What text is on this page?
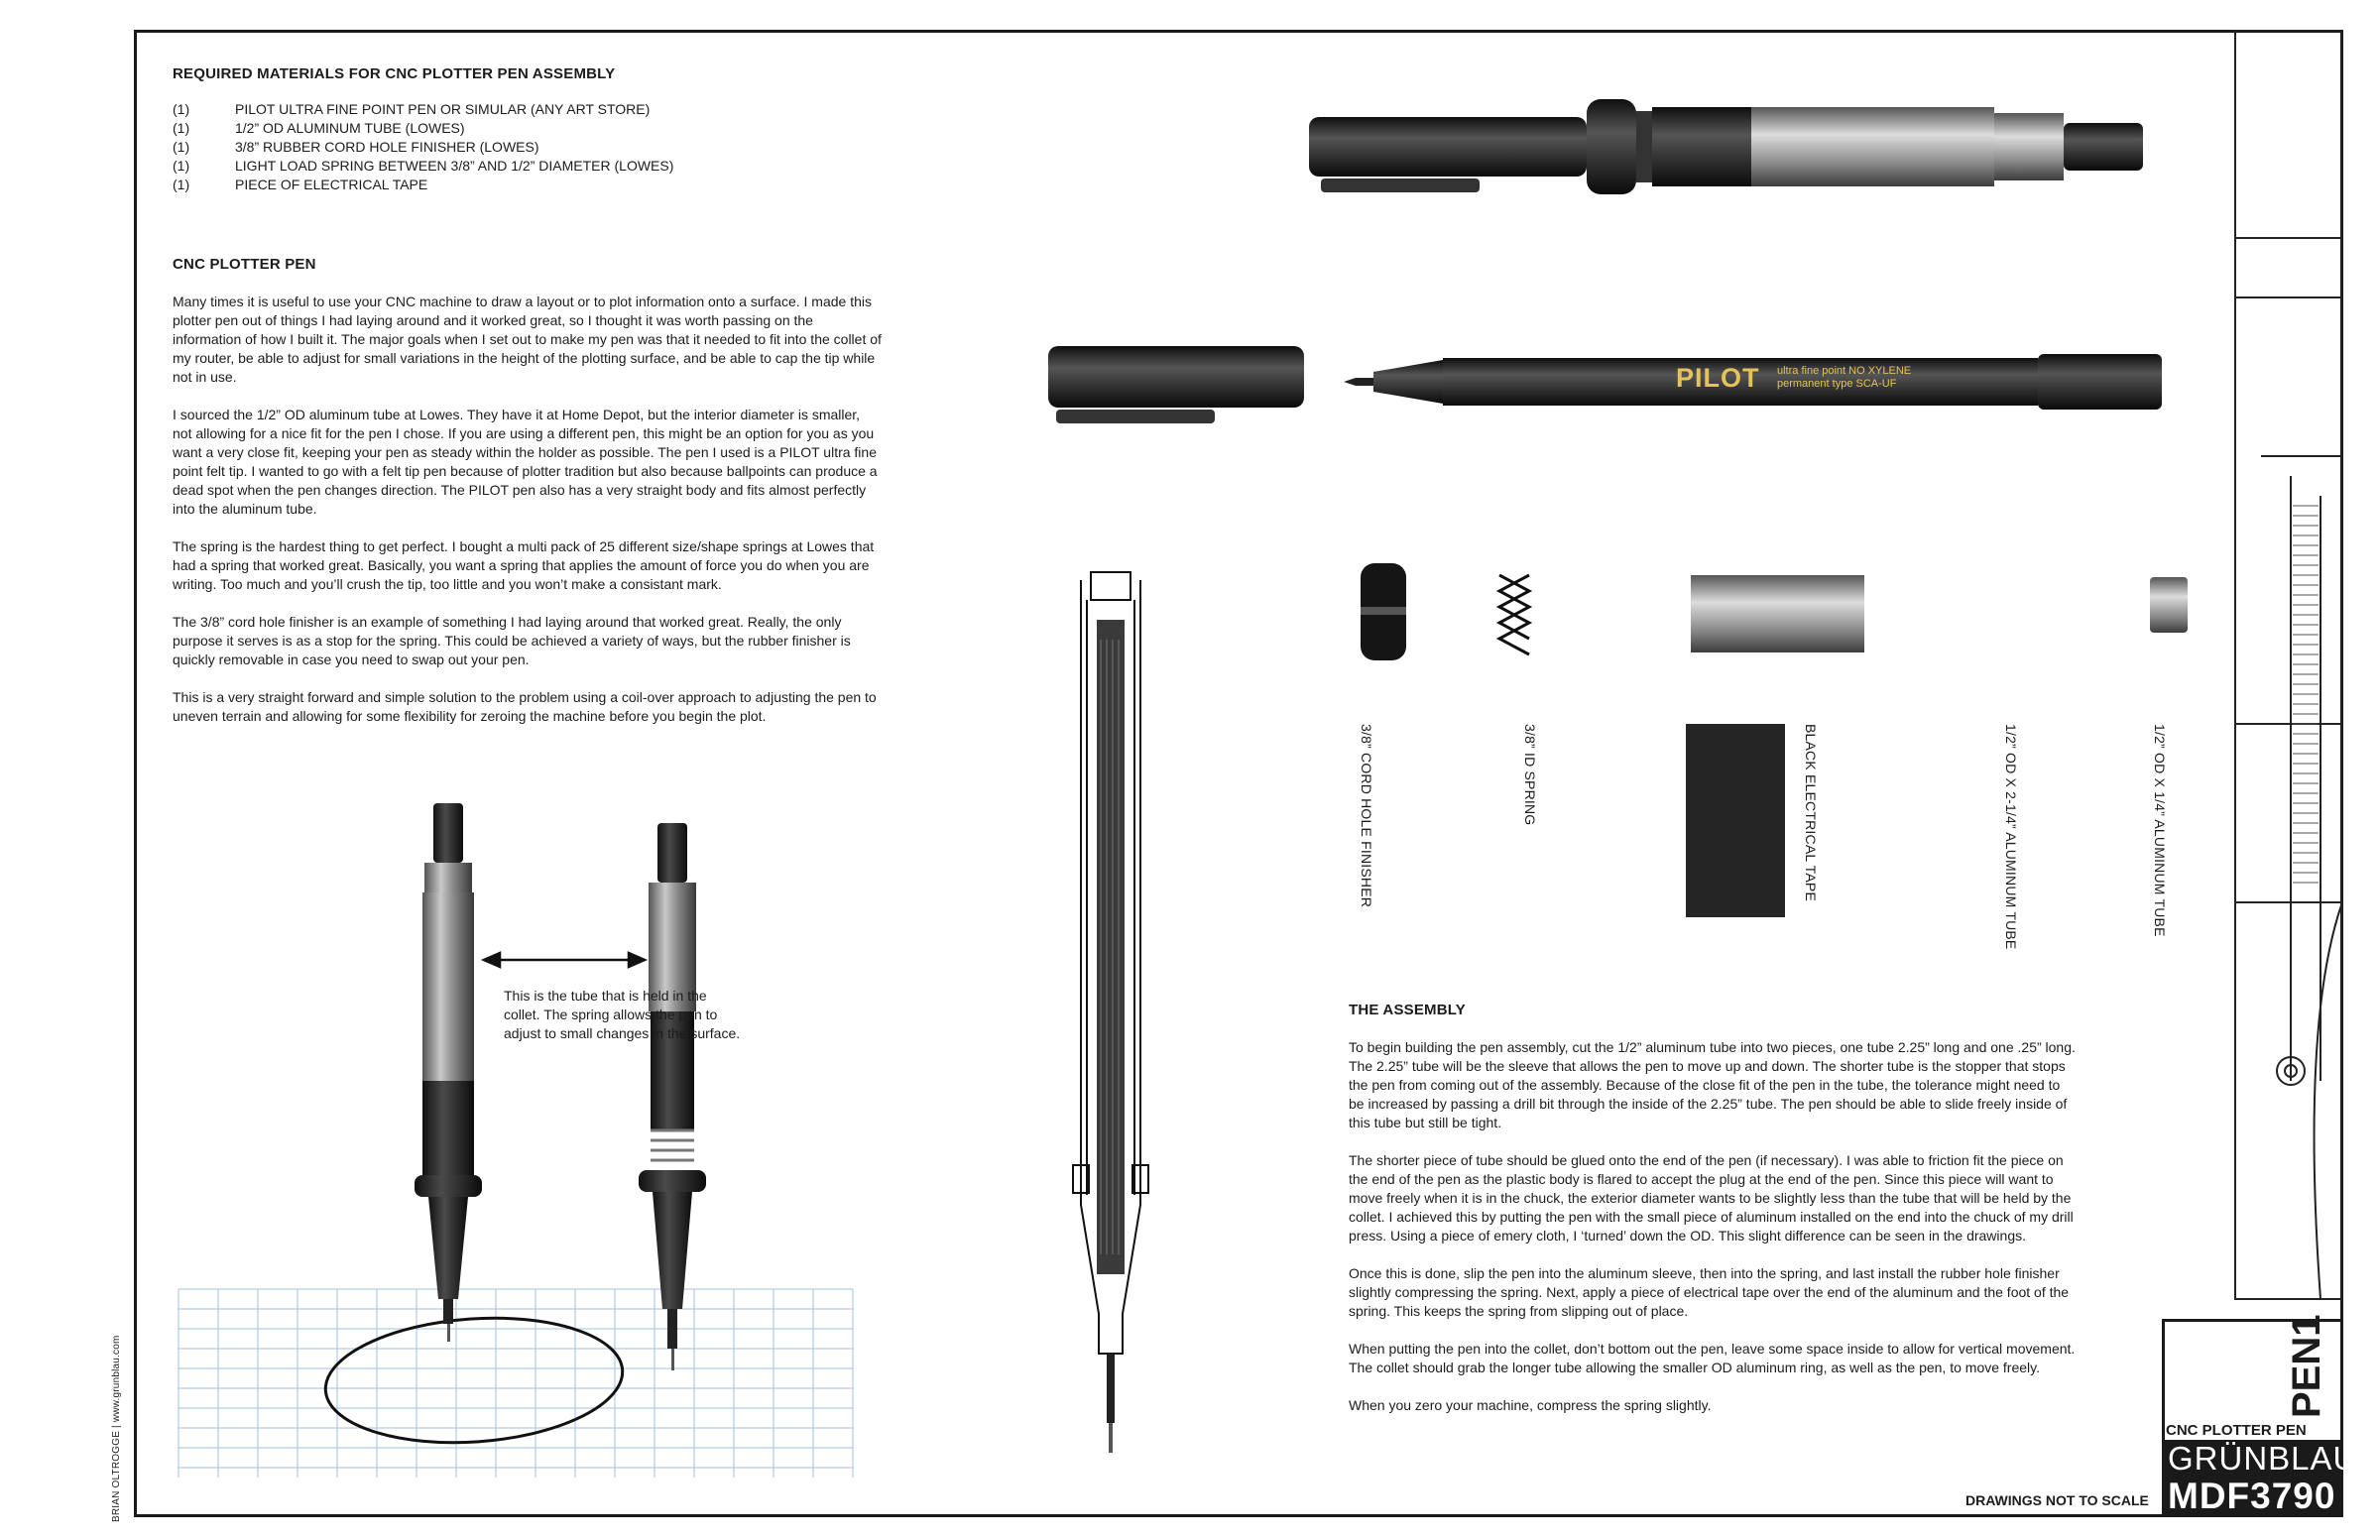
REQUIRED MATERIALS FOR CNC PLOTTER PEN ASSEMBLY
(1)	PILOT ULTRA FINE POINT PEN OR SIMULAR (ANY ART STORE)
(1)	1/2” OD ALUMINUM TUBE (LOWES)
(1)	3/8” RUBBER CORD HOLE FINISHER (LOWES)
(1)	LIGHT LOAD SPRING BETWEEN 3/8” AND 1/2” DIAMETER (LOWES)
(1)	PIECE OF ELECTRICAL TAPE
CNC PLOTTER PEN

Many times it is useful to use your CNC machine to draw a layout or to plot information onto a surface. I made this plotter pen out of things I had laying around and it worked great, so I thought it was worth passing on the information of how I built it. The major goals when I set out to make my pen was that it needed to fit into the collet of my router, be able to adjust for small variations in the height of the plotting surface, and be able to cap the tip while not in use.

I sourced the 1/2” OD aluminum tube at Lowes. They have it at Home Depot, but the interior diameter is smaller, not allowing for a nice fit for the pen I chose. If you are using a different pen, this might be an option for you as you want a very close fit, keeping your pen as steady within the holder as possible. The pen I used is a PILOT ultra fine point felt tip. I wanted to go with a felt tip pen because of plotter tradition but also because ballpoints can produce a dead spot when the pen changes direction. The PILOT pen also has a very straight body and fits almost perfectly into the aluminum tube.

The spring is the hardest thing to get perfect. I bought a multi pack of 25 different size/shape springs at Lowes that had a spring that worked great. Basically, you want a spring that applies the amount of force you do when you are writing. Too much and you’ll crush the tip, too little and you won’t make a consistant mark.

The 3/8” cord hole finisher is an example of something I had laying around that worked great. Really, the only purpose it serves is as a stop for the spring. This could be achieved a variety of ways, but the rubber finisher is quickly removable in case you need to swap out your pen.

This is a very straight forward and simple solution to the problem using a coil-over approach to adjusting the pen to uneven terrain and allowing for some flexibility for zeroing the machine before you begin the plot.

This is the tube that is held in the collet. The spring allows the pen to adjust to small changes in the surface.
PILOT ultra fine point NO XYLENE
permanent type SCA-UF
3/8” CORD HOLE FINISHER	3/8” ID SPRING	BLACK ELECTRICAL TAPE	1/2” OD X 2-1/4” ALUMINUM TUBE	1/2” OD X 1/4” ALUMINUM TUBE
THE ASSEMBLY

To begin building the pen assembly, cut the 1/2” aluminum tube into two pieces, one tube 2.25” long and one .25” long. The 2.25” tube will be the sleeve that allows the pen to move up and down. The shorter tube is the stopper that stops the pen from coming out of the assembly. Because of the close fit of the pen in the tube, the tolerance might need to be increased by passing a drill bit through the inside of the 2.25” tube. The pen should be able to slide freely inside of this tube but still be tight.

The shorter piece of tube should be glued onto the end of the pen (if necessary). I was able to friction fit the piece on the end of the pen as the plastic body is flared to accept the plug at the end of the pen. Since this piece will want to move freely when it is in the chuck, the exterior diameter wants to be slightly less than the tube that will be held by the collet. I achieved this by putting the pen with the small piece of aluminum installed on the end into the chuck of my drill press. Using a piece of emery cloth, I ‘turned’ down the OD. This slight difference can be seen in the drawings.

Once this is done, slip the pen into the aluminum sleeve, then into the spring, and last install the rubber hole finisher slightly compressing the spring. Next, apply a piece of electrical tape over the end of the aluminum and the foot of the spring. This keeps the spring from slipping out of place.

When putting the pen into the collet, don’t bottom out the pen, leave some space inside to allow for vertical movement. The collet should grab the longer tube allowing the smaller OD aluminum ring, as well as the pen, to move freely.

When you zero your machine, compress the spring slightly.	PEN1
CNC PLOTTER PEN
GRÜNBLAU
MDF3790
DRAWINGS NOT TO SCALE
BRIAN OLTROGGE | www.grunblau.com
